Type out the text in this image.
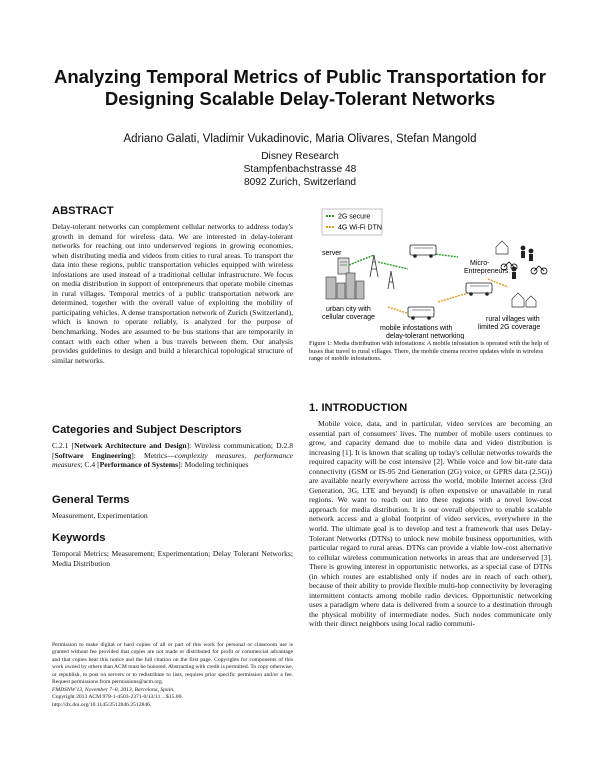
Analyzing Temporal Metrics of Public Transportation for
Designing Scalable Delay-Tolerant Networks
Adriano Galati, Vladimir Vukadinovic, Maria Olivares, Stefan Mangold
Disney Research
Stampfenbachstrasse 48
8092 Zurich, Switzerland
ABSTRACT

Delay-tolerant networks can complement cellular networks to address today's growth in demand for wireless data. We are interested in delay-tolerant networks for reaching out into underserved regions in growing economies, when distributing media and videos from cities to rural areas. To transport the data into these regions, public transportation vehicles equipped with wireless infostations are used instead of a traditional cellular infrastructure. We focus on media distribution in support of entrepreneurs that operate mobile cinemas in rural villages. Temporal metrics of a public transportation network are determined, together with the overall value of exploiting the mobility of participating vehicles. A dense transportation network of Zurich (Switzerland), which is known to operate reliably, is analyzed for the purpose of benchmarking. Nodes are assumed to be bus stations that are temporarily in contact with each other when a bus travels between them. Our analysis provides guidelines to design and build a hierarchical topological structure of similar networks.

Categories and Subject Descriptors

C.2.1 [Network Architecture and Design]: Wireless communication; D.2.8 [Software Engineering]: Metrics—complexity measures, performance measures; C.4 [Performance of Systems]: Modeling techniques

General Terms

Measurement, Experimentation

Keywords

Temporal Metrics; Measurement; Experimentation; Delay Tolerant Networks; Media Distribution

Permission to make digital or hard copies of all or part of this work for personal or classroom use is granted without fee provided that copies are not made or distributed for profit or commercial advantage and that copies bear this notice and the full citation on the first page. Copyrights for components of this work owned by others than ACM must be honored. Abstracting with credit is permitted. To copy otherwise, or republish, to post on servers or to redistribute to lists, requires prior specific permission and/or a fee. Request permissions from permissions@acm.org.
FMDSNW'13, November 7–8, 2013, Barcelona, Spain.
Copyright 2013 ACM 978-1-4503-2371-0/13/11 ...$15.00.
http://dx.doi.org/10.1145/2512846.2512846.
2G secure
4G Wi-Fi DTN
server
Micro-
Entrepreneurs
urban city with
cellular coverage
mobile infostations with
delay-tolerant networking
rural villages with
limited 2G coverage
Figure 1: Media distribution with infostations: A mobile infostation is operated with the help of buses that travel to rural villages. There, the mobile cinema receive updates while in wireless range of mobile infostations.
1. INTRODUCTION

Mobile voice, data, and in particular, video services are becoming an essential part of consumers' lives. The number of mobile users continues to grow, and capacity demand due to mobile data and video distribution is increasing [1]. It is known that scaling up today's cellular networks towards the required capacity will be cost intensive [2]. While voice and low bit-rate data connectivity (GSM or IS-95 2nd Generation (2G) voice, or GPRS data (2.5G)) are available nearly everywhere across the world, mobile Internet access (3rd Generation, 3G, LTE and beyond) is often expensive or unavailable in rural regions. We want to reach out into these regions with a novel low-cost approach for media distribution. It is our overall objective to enable scalable network access and a global footprint of video services, everywhere in the world. The ultimate goal is to develop and test a framework that uses Delay-Tolerant Networks (DTNs) to unlock new mobile business opportunities, with particular regard to rural areas. DTNs can provide a viable low-cost alternative to cellular wireless communication networks in areas that are underserved [3]. There is growing interest in opportunistic networks, as a special case of DTNs (in which routes are established only if nodes are in reach of each other), because of their ability to provide flexible multi-hop connectivity by leveraging intermittent contacts among mobile radio devices. Opportunistic networking uses a paradigm where data is delivered from a source to a destination through the physical mobility of intermediate nodes. Such nodes communicate only with their direct neighbors using local radio communi-
